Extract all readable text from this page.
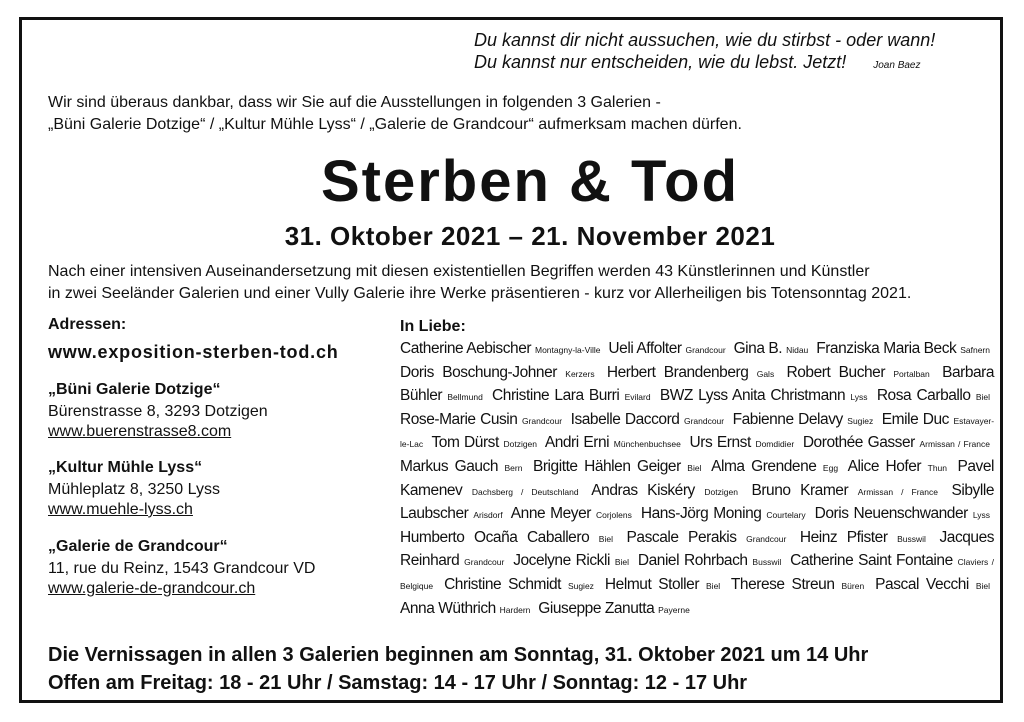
Du kannst dir nicht aussuchen, wie du stirbst - oder wann!
Du kannst nur entscheiden, wie du lebst. Jetzt!	Joan Baez
Wir sind überaus dankbar, dass wir Sie auf die Ausstellungen in folgenden 3 Galerien -
„Büni Galerie Dotzige“ / „Kultur Mühle Lyss“ / „Galerie de Grandcour“ aufmerksam machen dürfen.
Sterben & Tod
31. Oktober 2021 – 21. November 2021
Nach einer intensiven Auseinandersetzung mit diesen existentiellen Begriffen werden 43 Künstlerinnen und Künstler
in zwei Seeländer Galerien und einer Vully Galerie ihre Werke präsentieren - kurz vor Allerheiligen bis Totensonntag 2021.
Adressen:
www.exposition-sterben-tod.ch
„Büni Galerie Dotzige“
Bürenstrasse 8, 3293 Dotzigen
www.buerenstrasse8.com
„Kultur Mühle Lyss“
Mühleplatz 8, 3250 Lyss
www.muehle-lyss.ch
„Galerie de Grandcour“
11, rue du Reinz, 1543 Grandcour VD
www.galerie-de-grandcour.ch
In Liebe:
Catherine Aebischer Montagny-la-Ville Ueli Affolter Grandcour Gina B. Nidau Franziska Maria Beck Safnern Doris Boschung-Johner Kerzers Herbert Brandenberg Gals Robert Bucher Portalban Barbara Bühler Bellmund Christine Lara Burri Evilard BWZ Lyss Anita Christmann Lyss Rosa Carballo Biel Rose-Marie Cusin Grandcour Isabelle Daccord Grandcour Fabienne Delavy Sugiez Emile Duc Estavayer-le-Lac Tom Dürst Dotzigen Andri Erni Münchenbuchsee Urs Ernst Domdidier Dorothée Gasser Armissan / France Markus Gauch Bern Brigitte Hählen Geiger Biel Alma Grendene Egg Alice Hofer Thun Pavel Kamenev Dachsberg / Deutschland Andras Kiskéry Dotzigen Bruno Kramer Armissan / France Sibylle Laubscher Arisdorf Anne Meyer Corjolens Hans-Jörg Moning Courtelary Doris Neuenschwander Lyss Humberto Ocaña Caballero Biel Pascale Perakis Grandcour Heinz Pfister Busswil Jacques Reinhard Grandcour Jocelyne Rickli Biel Daniel Rohrbach Busswil Catherine Saint Fontaine Claviers / Belgique Christine Schmidt Sugiez Helmut Stoller Biel Therese Streun Büren Pascal Vecchi Biel Anna Wüthrich Hardern Giuseppe Zanutta Payerne
Die Vernissagen in allen 3 Galerien beginnen am Sonntag, 31. Oktober 2021 um 14 Uhr
Offen am Freitag: 18 - 21 Uhr / Samstag: 14 - 17 Uhr / Sonntag: 12 - 17 Uhr
